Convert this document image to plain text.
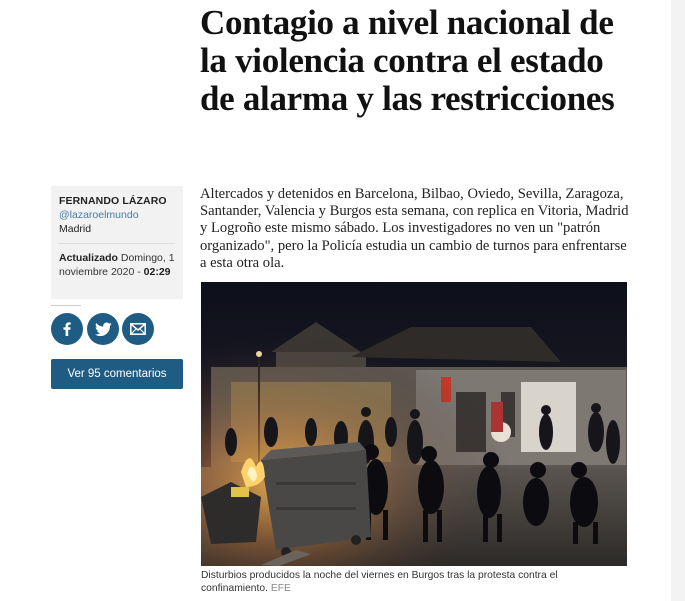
Contagio a nivel nacional de la violencia contra el estado de alarma y las restricciones
FERNANDO LÁZARO
@lazaroelmundo
Madrid
Actualizado Domingo, 1 noviembre 2020 - 02:29
Ver 95 comentarios

Altercados y detenidos en Barcelona, Bilbao, Oviedo, Sevilla, Zaragoza, Santander, Valencia y Burgos esta semana, con replica en Vitoria, Madrid y Logroño este mismo sábado. Los investigadores no ven un "patrón organizado", pero la Policía estudia un cambio de turnos para enfrentarse a esta otra ola.

Disturbios producidos la noche del viernes en Burgos tras la protesta contra el confinamiento. EFE
